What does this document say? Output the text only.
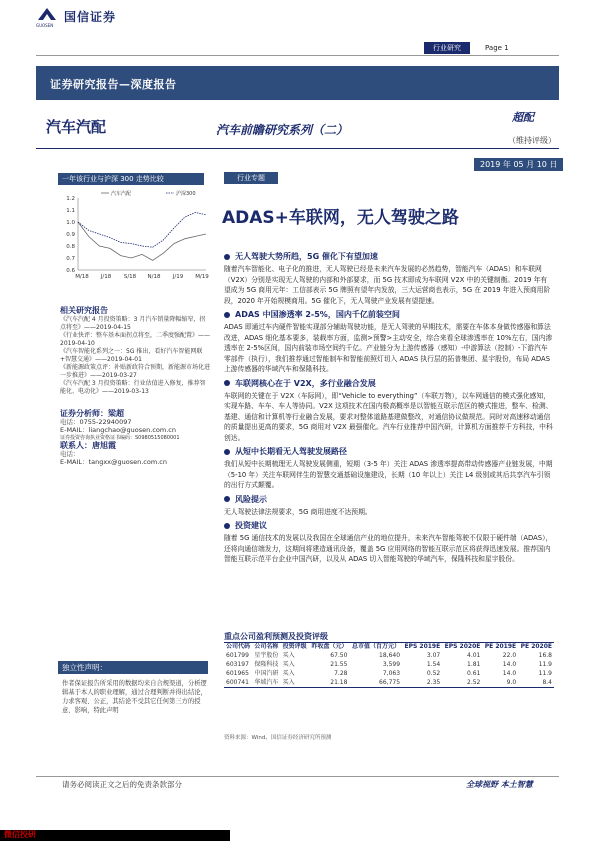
国信证券
GUOSEN
行业研究	Page 1
证券研究报告—深度报告
汽车汽配	汽车前瞻研究系列（二）
超配
（维持评级）
2019 年 05 月 10 日
一年该行业与沪深 300 走势比较
1.2
1.1
1.0
0.9
0.8
0.7
0.6
M/18 J/18 S/18 N/18 J/19 M/19
汽车汽配	沪深300
相关研究报告
《汽车汽配 4 月投资策略：3 月汽车销量降幅缩窄，拐点将至》——2019-04-15
《行业快评：整车基本面拐点将至，二季度强配置》——2019-04-10
《汽车智能化系列之一：5G 推出，看好汽车智能网联+智慧交通》——2019-04-01
《新能源政策点评：补贴新政符合预期，新能源市场化进一步推进》——2019-03-27
《汽车汽配 3 月投资策略：行业估值进入修复，推荐智能化、电动化》——2019-03-13
证券分析师：梁超
电话：0755-22940097
E-MAIL：liangchao@guosen.com.cn
证券投资咨询执业资格证书编码：S0980515080001
联系人：唐旭霞
电话：
E-MAIL：tangxx@guosen.com.cn
独立性声明：
作者保证报告所采用的数据均来自合规渠道，分析逻辑基于本人的职业理解，通过合理判断并得出结论，力求客观、公正，其结论不受其它任何第三方的授意、影响，特此声明
行业专题
ADAS+车联网，无人驾驶之路
无人驾驶大势所趋，5G 催化下有望加速
随着汽车智能化、电子化的推进，无人驾驶已经是未来汽车发展的必然趋势，智能汽车（ADAS）和车联网（V2X）分别是实现无人驾驶的内部和外部要求，而 5G 技术即成为车联网 V2X 中的关键制衡。2019 年有望成为 5G 商用元年：工信部表示 5G 牌照有望年内发放，三大运营商也表示，5G 在 2019 年进入预商用阶段，2020 年开始规模商用。5G 催化下，无人驾驶产业发展有望提速。
ADAS 中国渗透率 2-5%，国内千亿前装空间
ADAS 即通过车内硬件智能实现部分辅助驾驶功能，是无人驾驶的早期技术，需要在车体本身做传感器和算法改进，ADAS 细化基本要多，装载率方面，监测>预警>主动安全，综合来看全球渗透率在 10%左右，国内渗透率在 2-5%区间，国内前装市场空间约千亿。产业链分为上游传感器（感知）-中游算法（控制）-下游汽车零部件（执行），我们推荐通过智能制车和智能前照灯切入 ADAS 执行层的拓普集团、星宇股份，布局 ADAS 上游传感器的华域汽车和保隆科技。
车联网核心在于 V2X，多行业融合发展
车联网的关键在于 V2X（车际网），即“Vehicle to everything”（车联万物），以车网通信的模式强化感知，实现车路、车车、车人等协同。V2X 这项技术在国内极高概率是以智能互联示范区的模式推进，整车、检测、基建、通信和计算机等行业融合发展，要求对整体道路基建做整改，对通信协议做规范。同时对高速移动通信的质量提出更高的要求，5G 商用对 V2X 最强催化。汽车行业推荐中国汽研，计算机方面推荐千方科技，中科创达。
从短中长期看无人驾驶发展路径
我们从短中长期梳理无人驾驶发展侧重，短期（3-5 年）关注 ADAS 渗透率提高带动传感器产业链发展，中期（5-10 年）关注车联网伴生的智慧交通基础设施建设，长期（10 年以上）关注 L4 级别或其后共享汽车引领的出行方式颠覆。
风险提示
无人驾驶法律法规要求，5G 商用进度不达预期。
投资建议
随着 5G 通信技术的发展以及我国在全球通信产业的地位提升，未来汽车智能驾驶不仅限于硬件端（ADAS），还将向通信端发力，这期间将建造通讯设备，覆盖 5G 应用网络的智能互联示范区将获得迅速发展。推荐国内智能互联示范平台企业中国汽研，以及从 ADAS 切入智能驾驶的华域汽车，保隆科技和星宇股份。
重点公司盈利预测及投资评级
公司代码	公司名称	投资评级	昨收盘（元）	总市值（百万元）	EPS 2019E	EPS 2020E	PE 2019E	PE 2020E
601799	星宇股份	买入	67.50	18,640	3.07	4.01	22.0	16.8
603197	保隆科技	买入	21.55	3,599	1.54	1.81	14.0	11.9
601965	中国汽研	买入	7.28	7,063	0.52	0.61	14.0	11.9
600741	华域汽车	买入	21.18	66,775	2.35	2.52	9.0	8.4
资料来源：Wind、国信证券经济研究所预测
请务必阅读正文之后的免责条款部分	全球视野 本土智慧
微信投研
